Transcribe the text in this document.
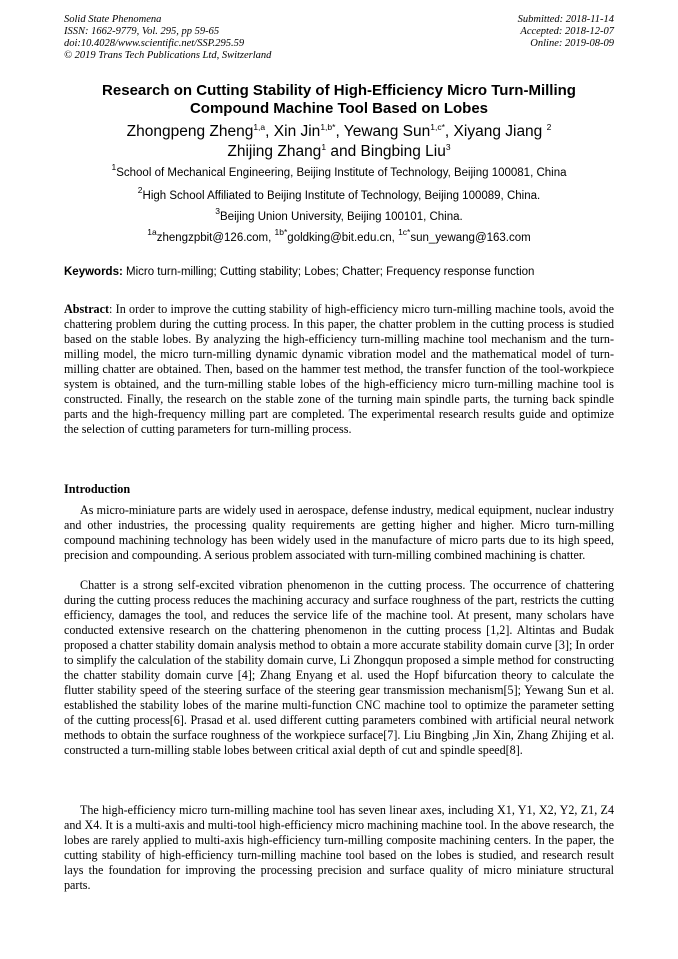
Solid State Phenomena
ISSN: 1662-9779, Vol. 295, pp 59-65
doi:10.4028/www.scientific.net/SSP.295.59
© 2019 Trans Tech Publications Ltd, Switzerland
Submitted: 2018-11-14
Accepted: 2018-12-07
Online: 2019-08-09
Research on Cutting Stability of High-Efficiency Micro Turn-Milling
Compound Machine Tool Based on Lobes
Zhongpeng Zheng$^{1,a}$, Xin Jin$^{1,b*}$, Yewang Sun$^{1,c*}$, Xiyang Jiang $^2$
Zhijing Zhang$^1$ and Bingbing Liu$^3$
$^1$School of Mechanical Engineering, Beijing Institute of Technology, Beijing 100081, China
$^2$High School Affiliated to Beijing Institute of Technology, Beijing 100089, China.
$^3$Beijing Union University, Beijing 100101, China.
$^{1a}$zhengzpbit@126.com, $^{1b*}$goldking@bit.edu.cn, $^{1c*}$sun_yewang@163.com
Keywords: Micro turn-milling; Cutting stability; Lobes; Chatter; Frequency response function
Abstract: In order to improve the cutting stability of high-efficiency micro turn-milling machine tools, avoid the chattering problem during the cutting process. In this paper, the chatter problem in the cutting process is studied based on the stable lobes. By analyzing the high-efficiency turn-milling machine tool mechanism and the turn-milling model, the micro turn-milling dynamic dynamic vibration model and the mathematical model of turn-milling chatter are obtained. Then, based on the hammer test method, the transfer function of the tool-workpiece system is obtained, and the turn-milling stable lobes of the high-efficiency micro turn-milling machine tool is constructed. Finally, the research on the stable zone of the turning main spindle parts, the turning back spindle parts and the high-frequency milling part are completed. The experimental research results guide and optimize the selection of cutting parameters for turn-milling process.
Introduction
As micro-miniature parts are widely used in aerospace, defense industry, medical equipment, nuclear industry and other industries, the processing quality requirements are getting higher and higher. Micro turn-milling compound machining technology has been widely used in the manufacture of micro parts due to its high speed, precision and compounding. A serious problem associated with turn-milling combined machining is chatter.
Chatter is a strong self-excited vibration phenomenon in the cutting process. The occurrence of chattering during the cutting process reduces the machining accuracy and surface roughness of the part, restricts the cutting efficiency, damages the tool, and reduces the service life of the machine tool. At present, many scholars have conducted extensive research on the chattering phenomenon in the cutting process [1,2]. Altintas and Budak proposed a chatter stability domain analysis method to obtain a more accurate stability domain curve [3]; In order to simplify the calculation of the stability domain curve, Li Zhongqun proposed a simple method for constructing the chatter stability domain curve [4]; Zhang Enyang et al. used the Hopf bifurcation theory to calculate the flutter stability speed of the steering surface of the steering gear transmission mechanism[5]; Yewang Sun et al. established the stability lobes of the marine multi-function CNC machine tool to optimize the parameter setting of the cutting process[6]. Prasad et al. used different cutting parameters combined with artificial neural network methods to obtain the surface roughness of the workpiece surface[7]. Liu Bingbing ,Jin Xin, Zhang Zhijing et al. constructed a turn-milling stable lobes between critical axial depth of cut and spindle speed[8].
The high-efficiency micro turn-milling machine tool has seven linear axes, including X1, Y1, X2, Y2, Z1, Z4 and X4. It is a multi-axis and multi-tool high-efficiency micro machining machine tool. In the above research, the lobes are rarely applied to multi-axis high-efficiency turn-milling composite machining centers. In the paper, the cutting stability of high-efficiency turn-milling machine tool based on the lobes is studied, and research result lays the foundation for improving the processing precision and surface quality of micro miniature structural parts.
